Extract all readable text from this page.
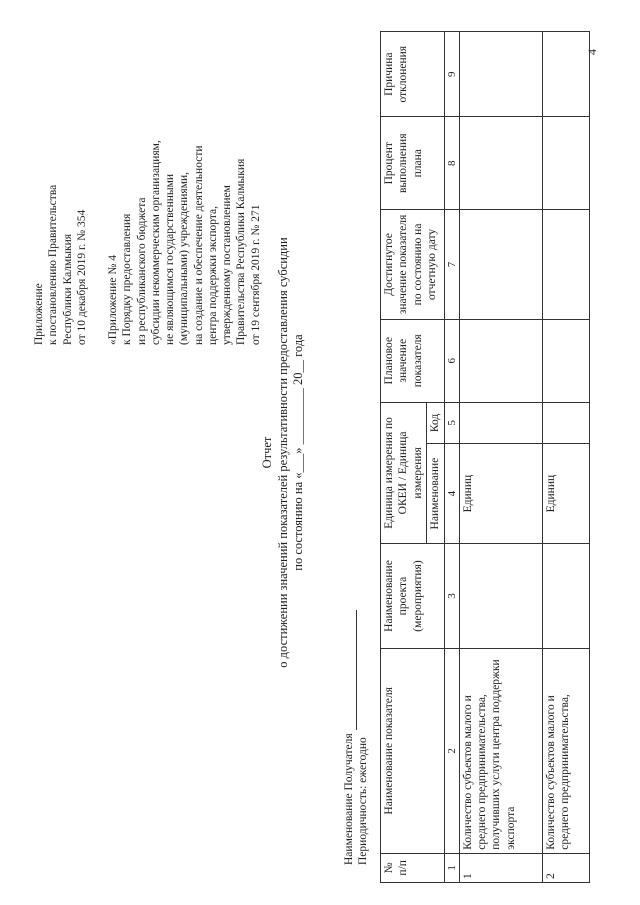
4
Приложение к постановлению Правительства Республики Калмыкия от 10 декабря 2019 г. № 354 «Приложение № 4 к Порядку предоставления из республиканского бюджета субсидии некоммерческим организациям, не являющимся государственными (муниципальными) учреждениями, на создание и обеспечение деятельности центра поддержки экспорта, утвержденному постановлением Правительства Республики Калмыкия от 19 сентября 2019 г. № 271
Отчет о достижении значений показателей результативности предоставления субсидии по состоянию на «___» _________ 20__ года
Наименование Получателя Периодичность: ежегодно
№ п/п	Наименование показателя	Наименование проекта (мероприятия)	Единица измерения по ОКЕИ / Единица измерения		Плановое значение показателя	Достигнутое значение показателя по состоянию на отчетную дату	Процент выполнения плана	Причина отклонения
			Наименование	Код				
1	2	3	4	5	6	7	8	9
1	Количество субъектов малого и среднего предпринимательства, получивших услуги центра поддержки экспорта		Единиц					
2	Количество субъектов малого и среднего предпринимательства,		Единиц					
